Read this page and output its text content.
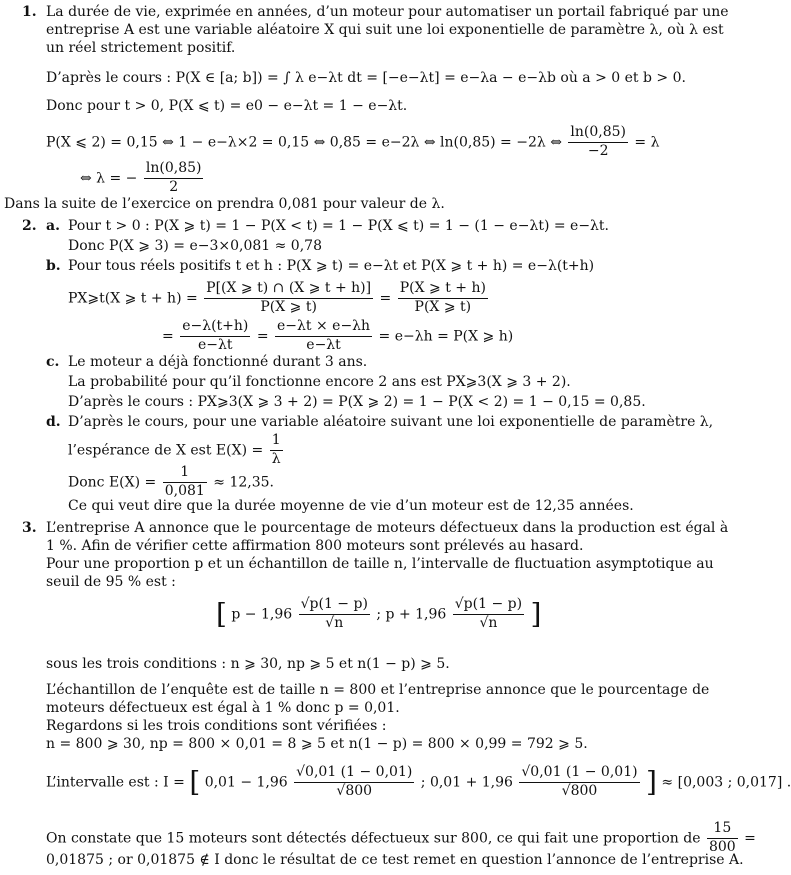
1. La durée de vie, exprimée en années, d’un moteur pour automatiser un portail fabriqué par une
entreprise A est une variable aléatoire X qui suit une loi exponentielle de paramètre λ, où λ est
un réel strictement positif.
D’après le cours : P(X ∈ [a; b]) = ∫ λ e−λt dt = [−e−λt] = e−λa − e−λb où a > 0 et b > 0.
Donc pour t > 0, P(X ⩽ t) = e0 − e−λt = 1 − e−λt.
P(X ⩽ 2) = 0,15 ⇔ 1 − e−λ×2 = 0,15 ⇔ 0,85 = e−2λ ⇔ ln(0,85) = −2λ ⇔ $\frac{\ln(0,85)}{-2} = \lambda$
⇔ λ = − $\frac{\ln(0,85)}{2}$
Dans la suite de l’exercice on prendra 0,081 pour valeur de λ.
2. a. Pour t > 0 : P(X ⩾ t) = 1 − P(X < t) = 1 − P(X ⩽ t) = 1 − (1 − e−λt) = e−λt.
Donc P(X ⩾ 3) = e−3×0,081 ≈ 0,78
b. Pour tous réels positifs t et h : P(X ⩾ t) = e−λt et P(X ⩾ t + h) = e−λ(t+h)
PX⩾t(X ⩾ $t + h) = \frac{P[(X ⩾ t) \cap (X ⩾ t + h)]}{P(X ⩾ t)} = \frac{P(X ⩾ t + h)}{P(X ⩾ t)}$
= $\frac{e-\lambda(t+h)}{e-\lambda t} = \frac{e-\lambda t \times e-\lambda h}{e-\lambda t} = e-\lambda h = P(X$ ⩾ h)
c. Le moteur a déjà fonctionné durant 3 ans.
La probabilité pour qu’il fonctionne encore 2 ans est PX⩾3(X ⩾ 3 + 2).
D’après le cours : PX⩾3(X ⩾ 3 + 2) = P(X ⩾ 2) = 1 − P(X < 2) = 1 − 0,15 = 0,85.
d. D’après le cours, pour une variable aléatoire suivant une loi exponentielle de paramètre λ,
l’espérance de X est $E(X) = \frac{1}{\lambda}$
Donc $E(X) = \frac{1}{0,081} \approx 12,35$.
Ce qui veut dire que la durée moyenne de vie d’un moteur est de 12,35 années.
3. L’entreprise A annonce que le pourcentage de moteurs défectueux dans la production est égal à
1 %. Afin de vérifier cette affirmation 800 moteurs sont prélevés au hasard.
Pour une proportion p et un échantillon de taille n, l’intervalle de fluctuation asymptotique au
seuil de 95 % est :
[ $p - 1,96 \frac{√p(1 - p)}{√n}$ ; $p + 1,96 \frac{√p(1 - p)}{√n}$ ]
sous les trois conditions : n ⩾ 30, np ⩾ 5 et n(1 − p) ⩾ 5.
L’échantillon de l’enquête est de taille n = 800 et l’entreprise annonce que le pourcentage de
moteurs défectueux est égal à 1 % donc p = 0,01.
Regardons si les trois conditions sont vérifiées :
n = 800 ⩾ 30, np = 800 × 0,01 = 8 ⩾ 5 et n(1 − p) = 800 × 0,99 = 792 ⩾ 5.
L’intervalle est : I = [ $0,01 - 1,96 \frac{√0,01 (1 - 0,01)}{√800}$ ; $0,01 + 1,96 \frac{√0,01 (1 - 0,01)}{√800}$ ] ≈ [0,003 ; 0,017] .
On constate que 15 moteurs sont détectés défectueux sur 800, ce qui fait une proportion de $\frac{15}{800}$ =
0,01875 ; or 0,01875 ∉ I donc le résultat de ce test remet en question l’annonce de l’entreprise A.
